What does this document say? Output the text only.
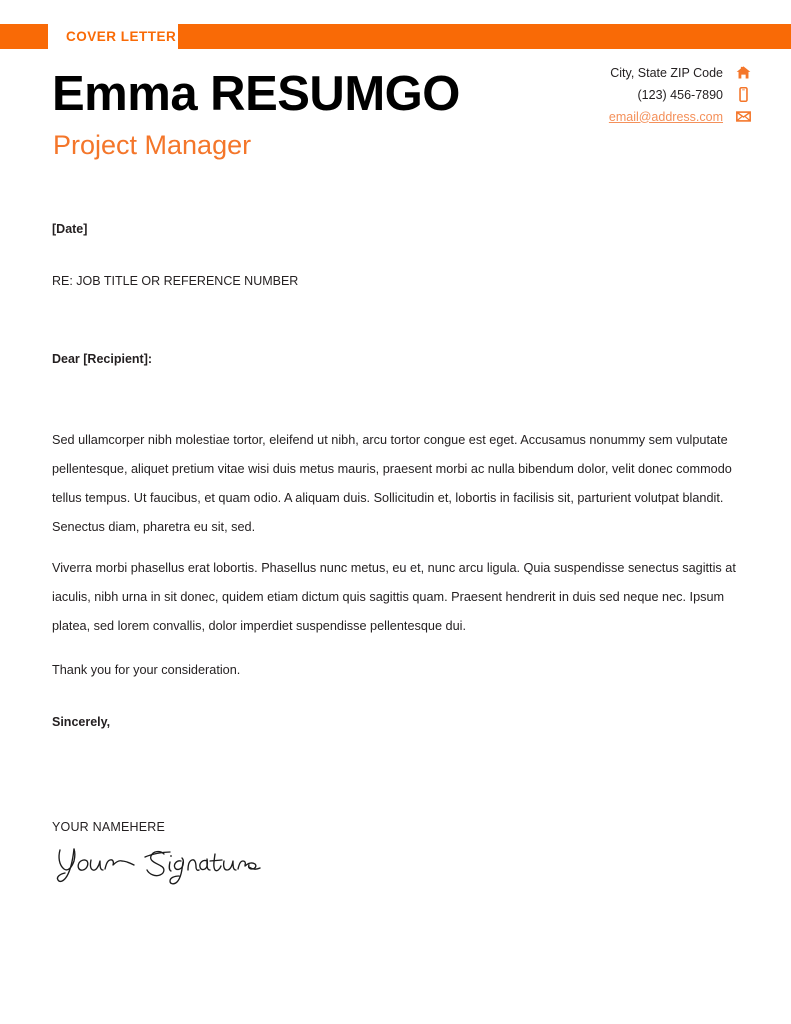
COVER LETTER
Emma RESUMGO
Project Manager
City, State ZIP Code
(123) 456-7890
email@address.com
[Date]
RE: JOB TITLE OR REFERENCE NUMBER
Dear [Recipient]:
Sed ullamcorper nibh molestiae tortor, eleifend ut nibh, arcu tortor congue est eget. Accusamus nonummy sem vulputate pellentesque, aliquet pretium vitae wisi duis metus mauris, praesent morbi ac nulla bibendum dolor, velit donec commodo tellus tempus. Ut faucibus, et quam odio. A aliquam duis. Sollicitudin et, lobortis in facilisis sit, parturient volutpat blandit. Senectus diam, pharetra eu sit, sed.
Viverra morbi phasellus erat lobortis. Phasellus nunc metus, eu et, nunc arcu ligula. Quia suspendisse senectus sagittis at iaculis, nibh urna in sit donec, quidem etiam dictum quis sagittis quam. Praesent hendrerit in duis sed neque nec. Ipsum platea, sed lorem convallis, dolor imperdiet suspendisse pellentesque dui.
Thank you for your consideration.
Sincerely,
YOUR NAMEHERE
